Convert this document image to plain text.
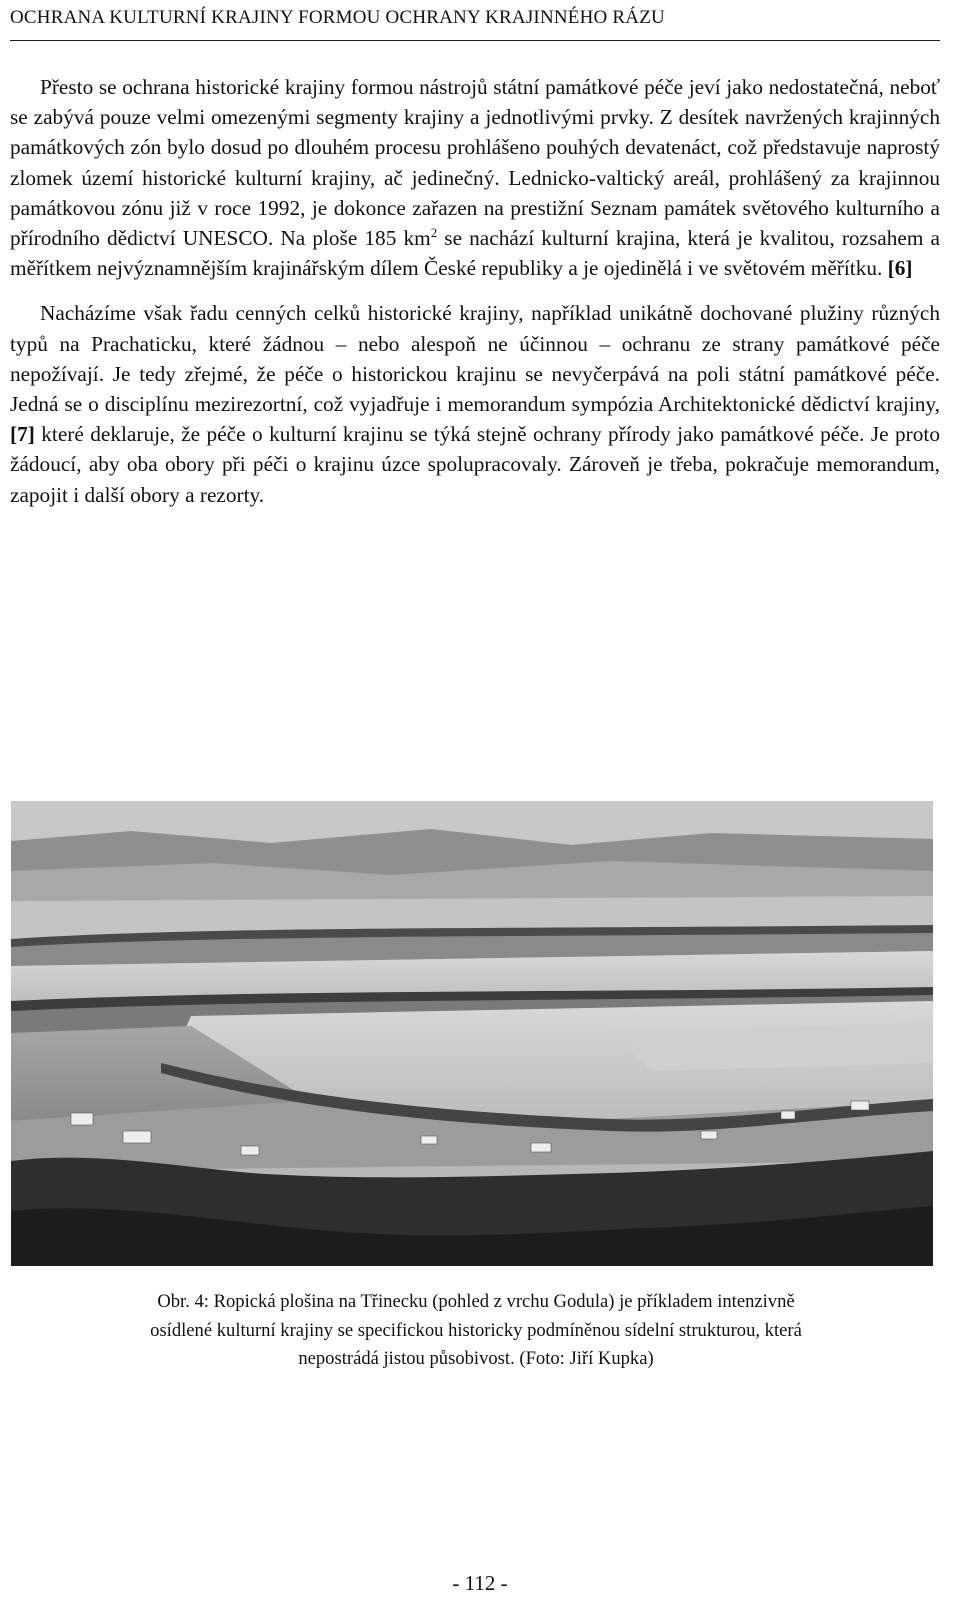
OCHRANA KULTURNÍ KRAJINY FORMOU OCHRANY KRAJINNÉHO RÁZU

Přesto se ochrana historické krajiny formou nástrojů státní památkové péče jeví jako nedostatečná, neboť se zabývá pouze velmi omezenými segmenty krajiny a jednotlivými prvky. Z desítek navržených krajinných památkových zón bylo dosud po dlouhém procesu prohlášeno pouhých devatenáct, což představuje naprostý zlomek území historické kulturní krajiny, ač jedinečný. Lednicko-valtický areál, prohlášený za krajinnou památkovou zónu již v roce 1992, je dokonce zařazen na prestižní Seznam památek světového kulturního a přírodního dědictví UNESCO. Na ploše 185 $km^2$ se nachází kulturní krajina, která je kvalitou, rozsahem a měřítkem nejvýznamnějším krajinářským dílem České republiky a je ojedinělá i ve světovém měřítku. [6]

Nacházíme však řadu cenných celků historické krajiny, například unikátně dochované plužiny různých typů na Prachaticku, které žádnou – nebo alespoň ne účinnou – ochranu ze strany památkové péče nepožívají. Je tedy zřejmé, že péče o historickou krajinu se nevyčerpává na poli státní památkové péče. Jedná se o disciplínu mezirezortní, což vyjadřuje i memorandum sympózia Architektonické dědictví krajiny, [7] které deklaruje, že péče o kulturní krajinu se týká stejně ochrany přírody jako památkové péče. Je proto žádoucí, aby oba obory při péči o krajinu úzce spolupracovaly. Zároveň je třeba, pokračuje memorandum, zapojit i další obory a rezorty.

Obr. 4: Ropická plošina na Třinecku (pohled z vrchu Godula) je příkladem intenzivně
osídlené kulturní krajiny se specifickou historicky podmíněnou sídelní strukturou, která
nepostrádá jistou působivost. (Foto: Jiří Kupka)
- 112 -
